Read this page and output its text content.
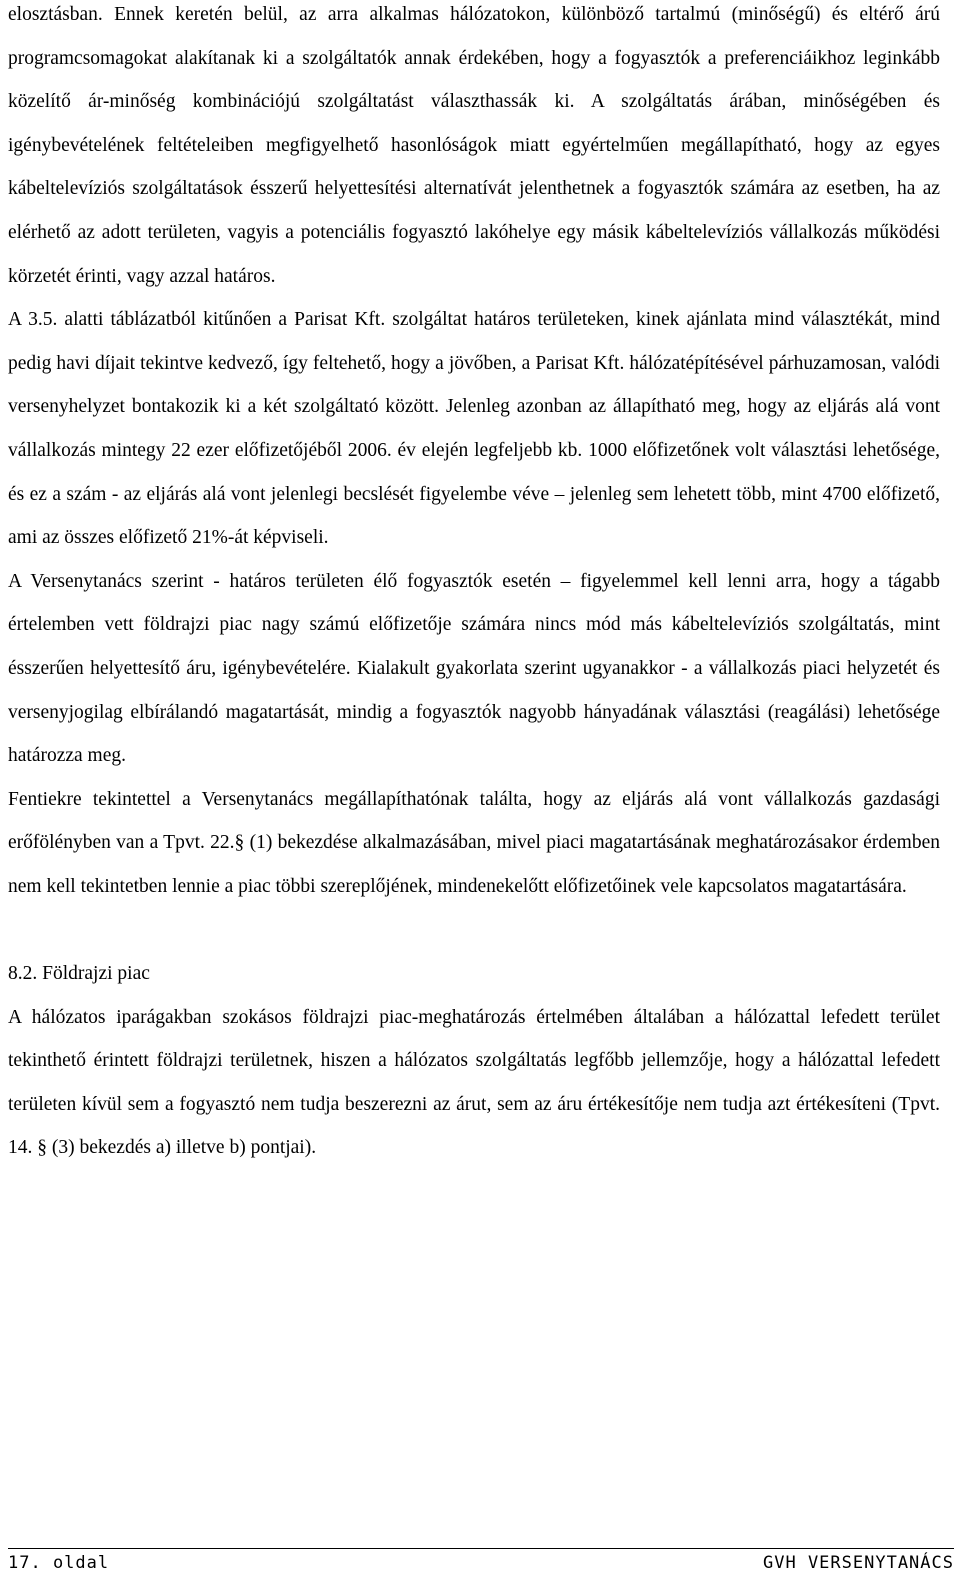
elosztásban. Ennek keretén belül, az arra alkalmas hálózatokon, különböző tartalmú (minőségű) és eltérő árú programcsomagokat alakítanak ki a szolgáltatók annak érdekében, hogy a fogyasztók a preferenciáikhoz leginkább közelítő ár-minőség kombinációjú szolgáltatást választhassák ki. A szolgáltatás árában, minőségében és igénybevételének feltételeiben megfigyelhető hasonlóságok miatt egyértelműen megállapítható, hogy az egyes kábeltelevíziós szolgáltatások ésszerű helyettesítési alternatívát jelenthetnek a fogyasztók számára az esetben, ha az elérhető az adott területen, vagyis a potenciális fogyasztó lakóhelye egy másik kábeltelevíziós vállalkozás működési körzetét érinti, vagy azzal határos.

A 3.5. alatti táblázatból kitűnően a Parisat Kft. szolgáltat határos területeken, kinek ajánlata mind választékát, mind pedig havi díjait tekintve kedvező, így feltehető, hogy a jövőben, a Parisat Kft. hálózatépítésével párhuzamosan, valódi versenyhelyzet bontakozik ki a két szolgáltató között. Jelenleg azonban az állapítható meg, hogy az eljárás alá vont vállalkozás mintegy 22 ezer előfizetőjéből 2006. év elején legfeljebb kb. 1000 előfizetőnek volt választási lehetősége, és ez a szám - az eljárás alá vont jelenlegi becslését figyelembe véve – jelenleg sem lehetett több, mint 4700 előfizető, ami az összes előfizető 21%-át képviseli.

A Versenytanács szerint - határos területen élő fogyasztók esetén – figyelemmel kell lenni arra, hogy a tágabb értelemben vett földrajzi piac nagy számú előfizetője számára nincs mód más kábeltelevíziós szolgáltatás, mint ésszerűen helyettesítő áru, igénybevételére. Kialakult gyakorlata szerint ugyanakkor - a vállalkozás piaci helyzetét és versenyjogilag elbírálandó magatartását, mindig a fogyasztók nagyobb hányadának választási (reagálási) lehetősége határozza meg.

Fentiekre tekintettel a Versenytanács megállapíthatónak találta, hogy az eljárás alá vont vállalkozás gazdasági erőfölényben van a Tpvt. 22.§ (1) bekezdése alkalmazásában, mivel piaci magatartásának meghatározásakor érdemben nem kell tekintetben lennie a piac többi szereplőjének, mindenekelőtt előfizetőinek vele kapcsolatos magatartására.

8.2. Földrajzi piac

A hálózatos iparágakban szokásos földrajzi piac-meghatározás értelmében általában a hálózattal lefedett terület tekinthető érintett földrajzi területnek, hiszen a hálózatos szolgáltatás legfőbb jellemzője, hogy a hálózattal lefedett területen kívül sem a fogyasztó nem tudja beszerezni az árut, sem az áru értékesítője nem tudja azt értékesíteni (Tpvt. 14. § (3) bekezdés a) illetve b) pontjai).

17. oldal	GVH VERSENYTANÁCS
